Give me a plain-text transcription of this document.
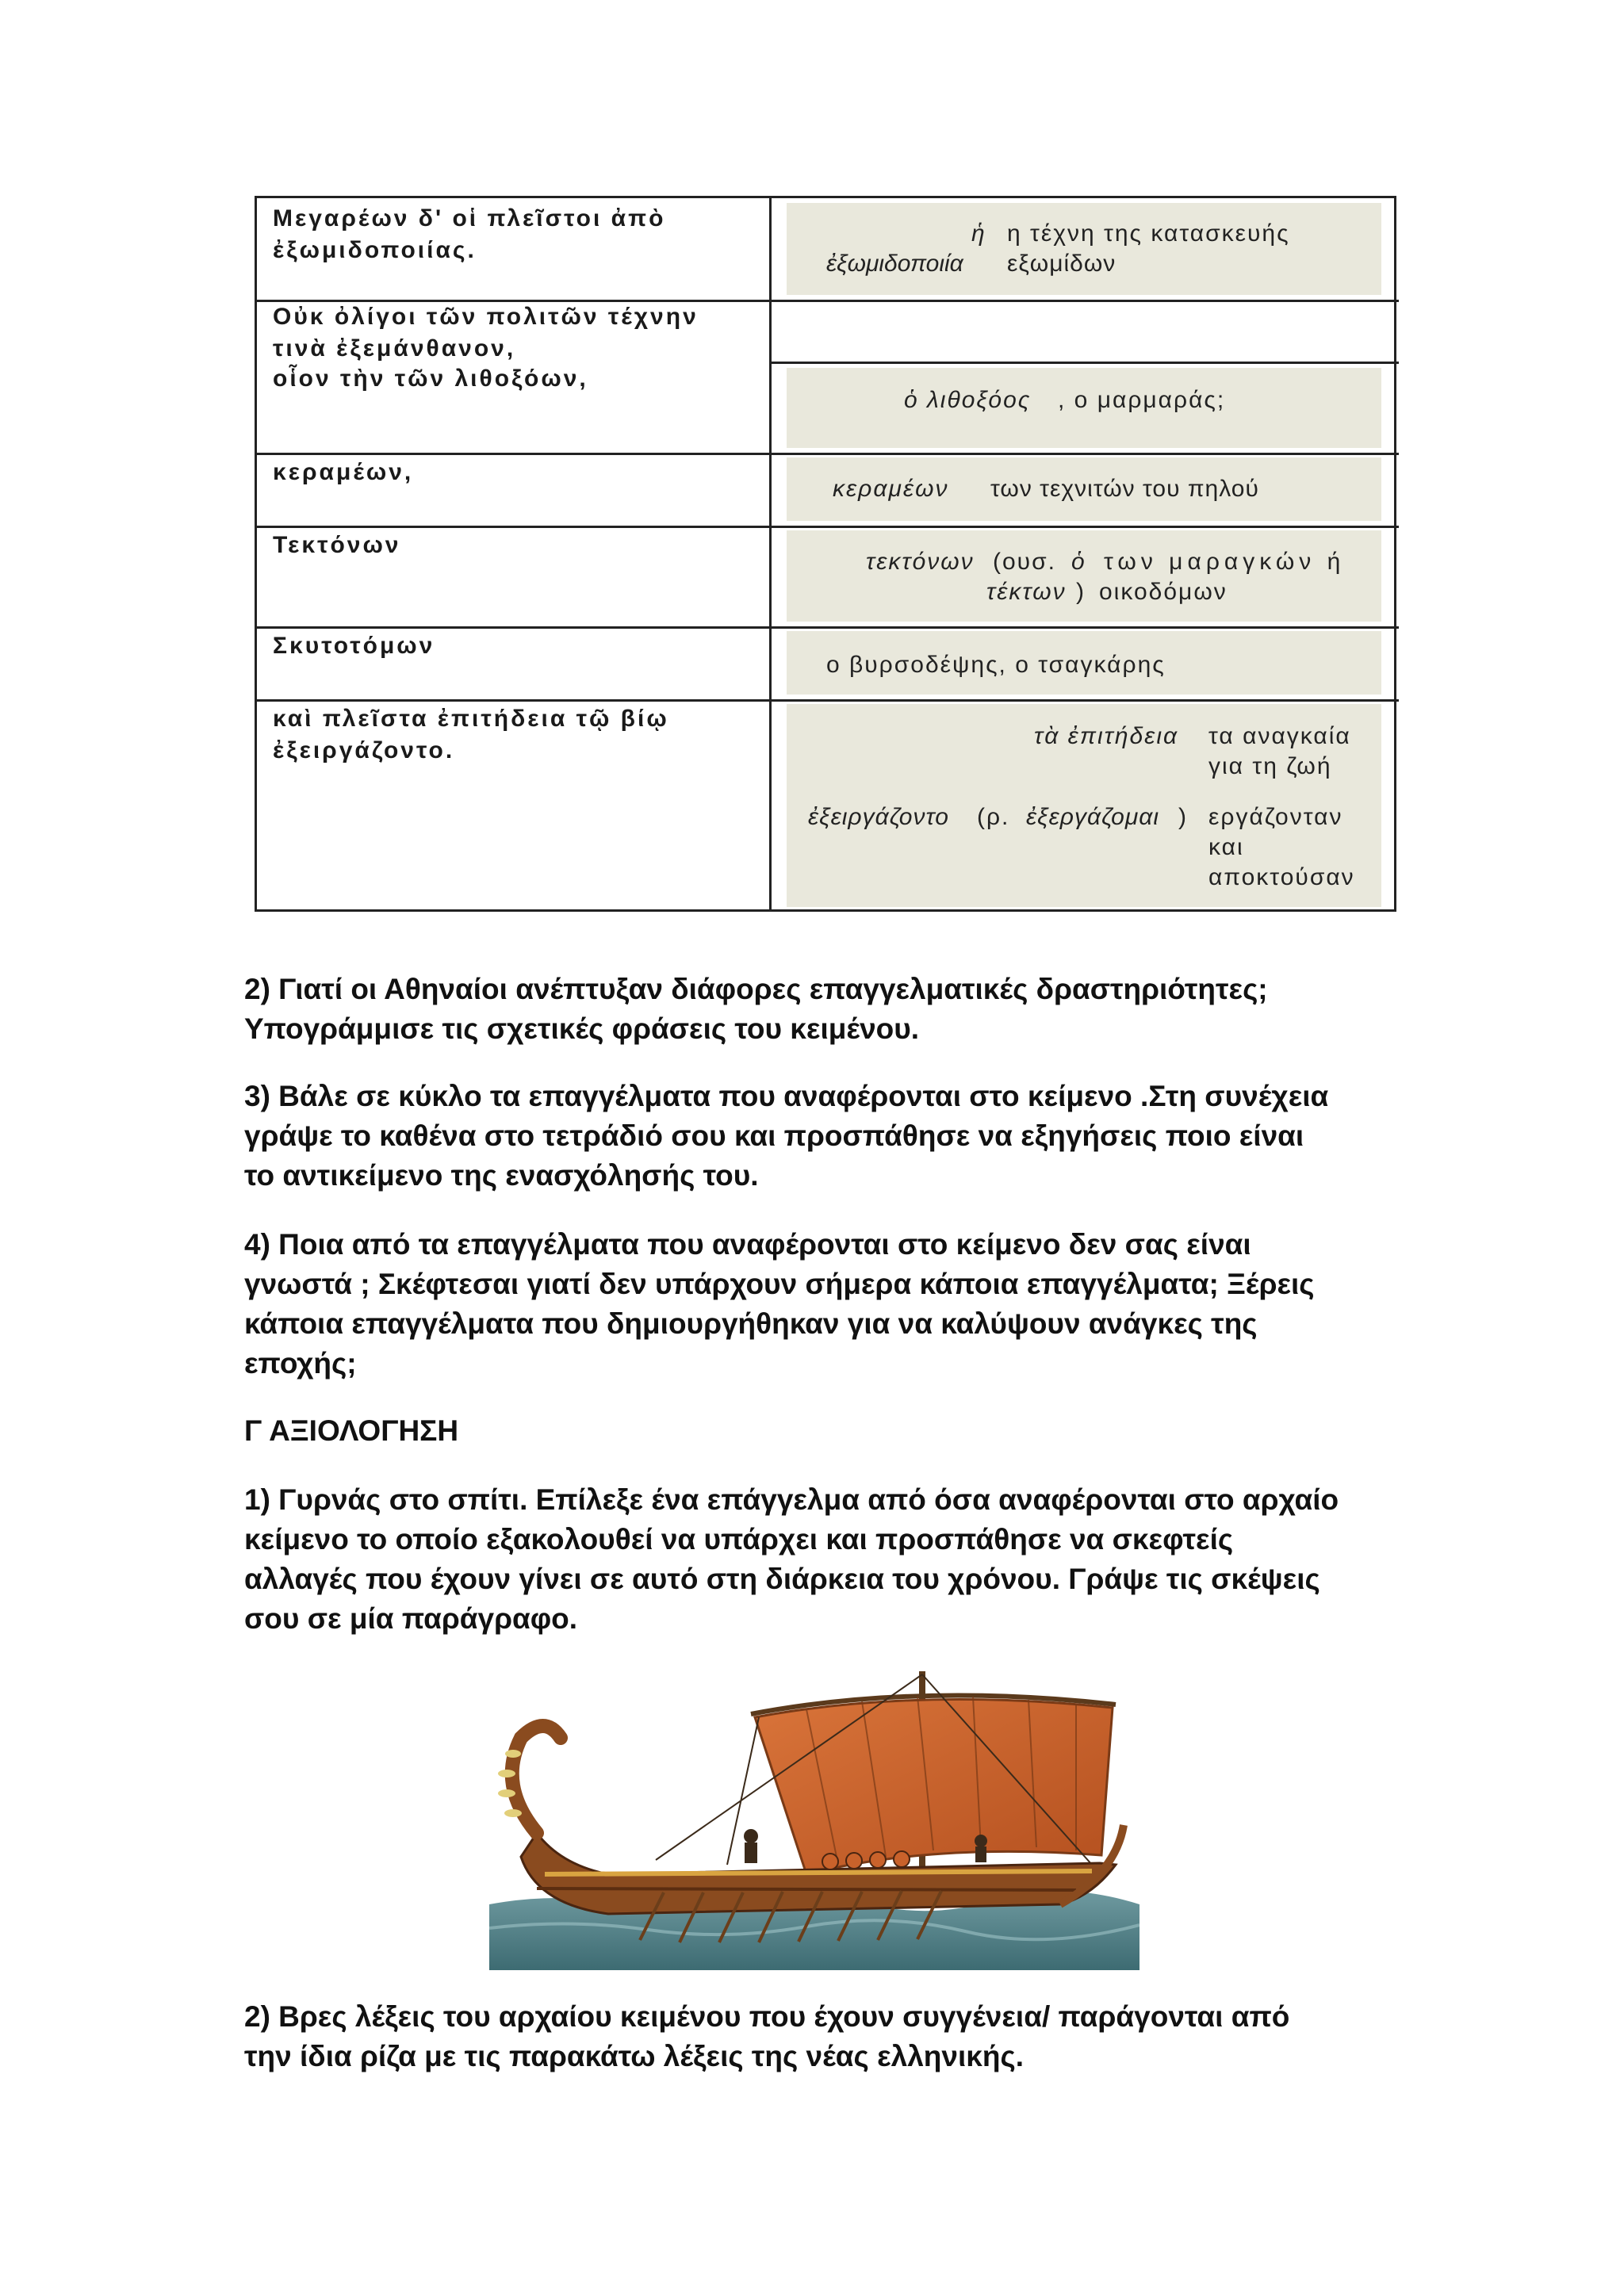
Μεγαρέων δ' οἱ πλεῖστοι ἀπὸ
ἐξωμιδοποιίας.
Οὐκ ὀλίγοι τῶν πολιτῶν τέχνην
τινὰ ἐξεμάνθανον,
οἷον τὴν τῶν λιθοξόων,
κεραμέων,
Τεκτόνων
Σκυτοτόμων
καὶ πλεῖστα ἐπιτήδεια τῷ βίῳ
ἐξειργάζοντο.
ἡ η τέχνη της κατασκευής
ἐξωμιδοποιία εξωμίδων
ὁ λιθοξόος , ο μαρμαράς;
κεραμέων των τεχνιτών του πηλού
τεκτόνων (ουσ. ὁ των μαραγκών ή
τέκτων ) οικοδόμων
ο βυρσοδέψης, ο τσαγκάρης
τὰ ἐπιτήδεια τα αναγκαία
για τη ζωή
ἐξειργάζοντο (ρ. ἐξεργάζομαι ) εργάζονταν
και
αποκτούσαν
2) Γιατί οι Αθηναίοι ανέπτυξαν διάφορες επαγγελματικές δραστηριότητες;
Υπογράμμισε τις σχετικές φράσεις του κειμένου.
3) Βάλε σε κύκλο τα επαγγέλματα που αναφέρονται στο κείμενο .Στη συνέχεια
γράψε το καθένα στο τετράδιό σου και προσπάθησε να εξηγήσεις ποιο είναι
το αντικείμενο της ενασχόλησής του.
4) Ποια από τα επαγγέλματα που αναφέρονται στο κείμενο δεν σας είναι
γνωστά ; Σκέφτεσαι γιατί δεν υπάρχουν σήμερα κάποια επαγγέλματα; Ξέρεις
κάποια επαγγέλματα που δημιουργήθηκαν για να καλύψουν ανάγκες της
εποχής;
Γ ΑΞΙΟΛΟΓΗΣΗ
1) Γυρνάς στο σπίτι. Επίλεξε ένα επάγγελμα από όσα αναφέρονται στο αρχαίο
κείμενο το οποίο εξακολουθεί να υπάρχει και προσπάθησε να σκεφτείς
αλλαγές που έχουν γίνει σε αυτό στη διάρκεια του χρόνου. Γράψε τις σκέψεις
σου σε μία παράγραφο.
2) Βρες λέξεις του αρχαίου κειμένου που έχουν συγγένεια/ παράγονται από
την ίδια ρίζα με τις παρακάτω λέξεις της νέας ελληνικής.
